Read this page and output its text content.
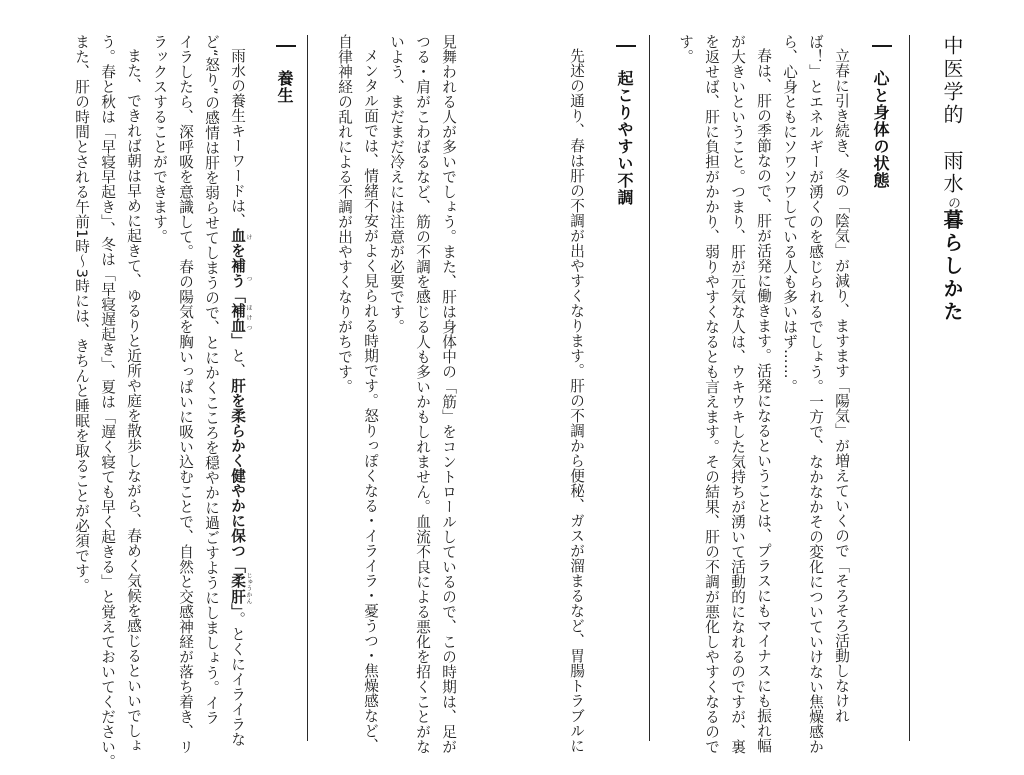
中医学的　雨水の暮らしかた
心と身体の状態
立春に引き続き、冬の「陰気」が減り、ますます「陽気」が増えていくので「そろそろ活動しなけれ
ば！」とエネルギーが湧くのを感じられるでしょう。一方で、なかなかその変化についていけない焦燥感か
ら、心身ともにソワソワしている人も多いはず……。
春は、肝の季節なので、肝が活発に働きます。活発になるということは、プラスにもマイナスにも振れ幅
が大きいということ。つまり、肝が元気な人は、ウキウキした気持ちが湧いて活動的になれるのですが、裏
を返せば、肝に負担がかかり、弱りやすくなるとも言えます。その結果、肝の不調が悪化しやすくなるので
す。
起こりやすい不調
先述の通り、春は肝の不調が出やすくなります。肝の不調から便秘、ガスが溜まるなど、胃腸トラブルに
見舞われる人が多いでしょう。また、肝は身体中の「筋」をコントロールしているので、この時期は、足が
つる・肩がこわばるなど、筋の不調を感じる人も多いかもしれません。血流不良による悪化を招くことがな
いよう、まだまだ冷えには注意が必要です。
メンタル面では、情緒不安がよく見られる時期です。怒りっぽくなる・イライラ・憂うつ・焦燥感など、
自律神経の乱れによる不調が出やすくなりがちです。
養生
雨水の養生キーワードは、血を補う けつ「補血 ほけつ」と、肝を柔らかく健やかに保つ「柔肝 じゅうかん」。とくにイライラな
ど“怒り”の感情は肝を弱らせてしまうので、とにかくこころを穏やかに過ごすようにしましょう。イラ
イラしたら、深呼吸を意識して。春の陽気を胸いっぱいに吸い込むことで、自然と交感神経が落ち着き、リ
ラックスすることができます。
また、できれば朝は早めに起きて、ゆるりと近所や庭を散歩しながら、春めく気候を感じるといいでしょ
う。春と秋は「早寝早起き」、冬は「早寝遅起き」、夏は「遅く寝ても早く起きる」と覚えておいてください。
また、肝の時間とされる午前1時～3時には、きちんと睡眠を取ることが必須です。
